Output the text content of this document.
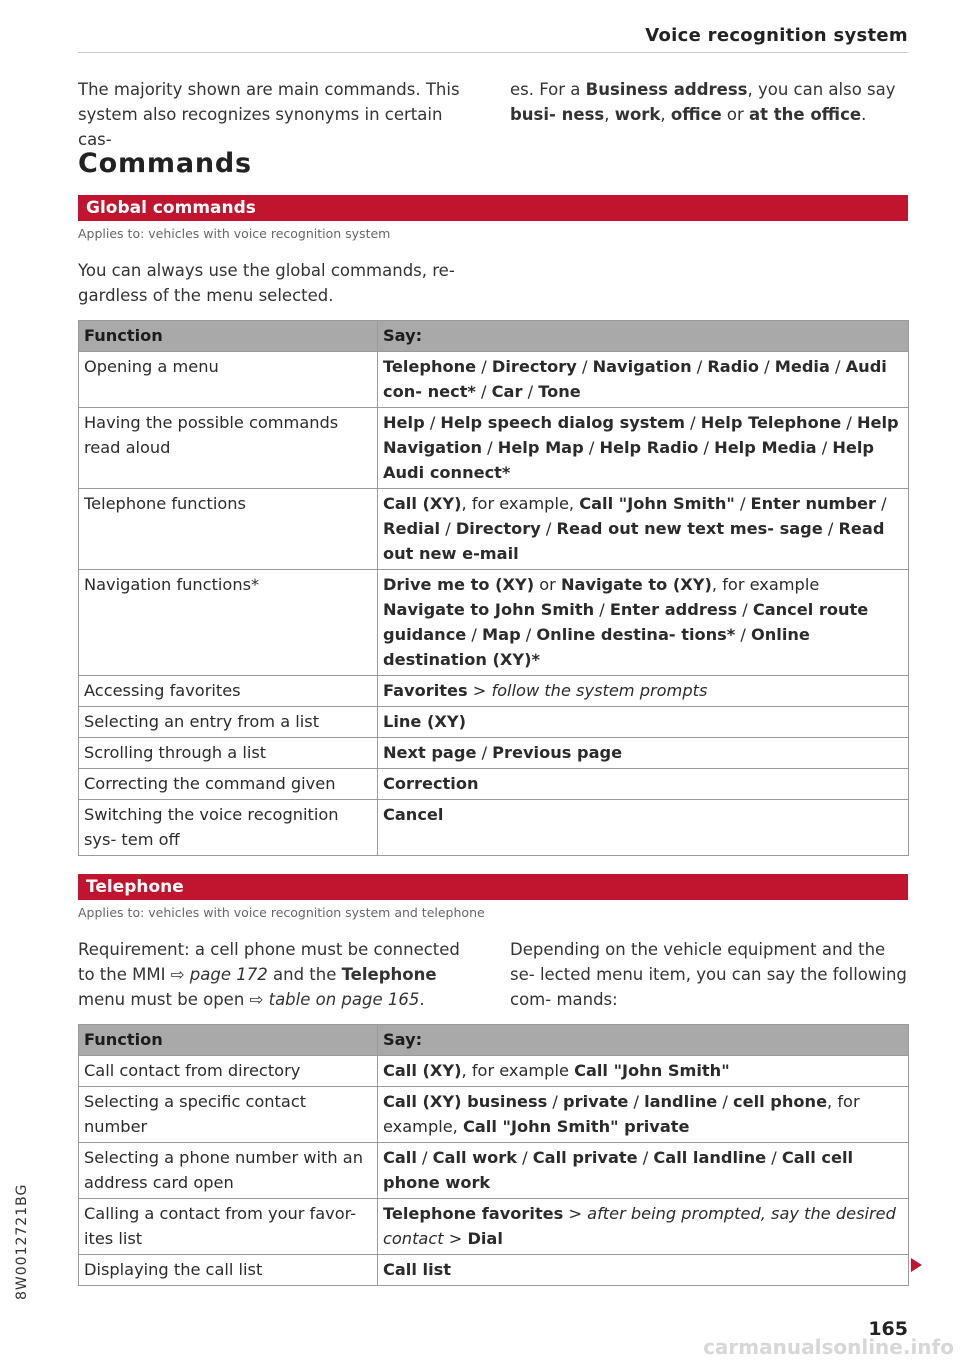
Voice recognition system
The majority shown are main commands. This system also recognizes synonyms in certain cas-
es. For a Business address, you can also say busi- ness, work, office or at the office.
Commands
Global commands
Applies to: vehicles with voice recognition system
You can always use the global commands, re- gardless of the menu selected.
Function	Say:
Opening a menu	Telephone / Directory / Navigation / Radio / Media / Audi con- nect* / Car / Tone
Having the possible commands read aloud	Help / Help speech dialog system / Help Telephone / Help Navigation / Help Map / Help Radio / Help Media / Help Audi connect*
Telephone functions	Call (XY), for example, Call "John Smith" / Enter number / Redial / Directory / Read out new text mes- sage / Read out new e-mail
Navigation functions*	Drive me to (XY) or Navigate to (XY), for example Navigate to John Smith / Enter address / Cancel route guidance / Map / Online destina- tions* / Online destination (XY)*
Accessing favorites	Favorites > follow the system prompts
Selecting an entry from a list	Line (XY)
Scrolling through a list	Next page / Previous page
Correcting the command given	Correction
Switching the voice recognition sys- tem off	Cancel
Telephone
Applies to: vehicles with voice recognition system and telephone
Requirement: a cell phone must be connected to the MMI ⇨ page 172 and the Telephone menu must be open ⇨ table on page 165.
Depending on the vehicle equipment and the se- lected menu item, you can say the following com- mands:
Function	Say:
Call contact from directory	Call (XY), for example Call "John Smith"
Selecting a specific contact number	Call (XY) business / private / landline / cell phone, for example, Call "John Smith" private
Selecting a phone number with an address card open	Call / Call work / Call private / Call landline / Call cell phone work
Calling a contact from your favor- ites list	Telephone favorites > after being prompted, say the desired contact > Dial
Displaying the call list	Call list
8W0012721BG
165
carmanualsonline.info
